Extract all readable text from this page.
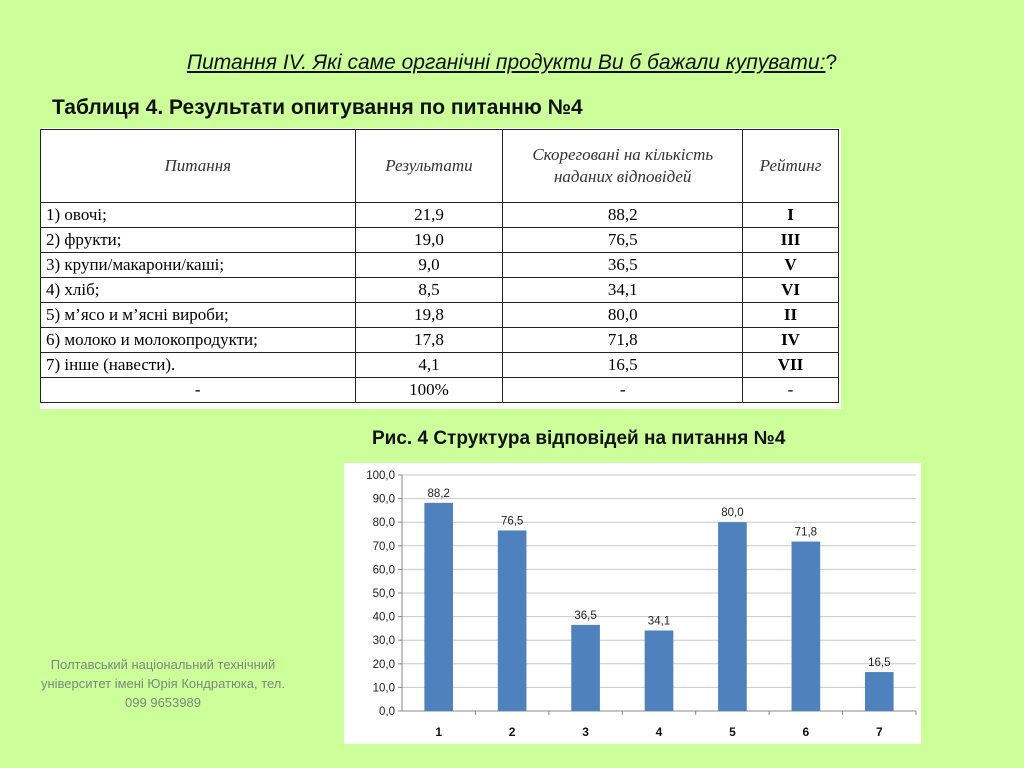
Питання IV. Які саме органічні продукти Ви б бажали купувати:?
Таблиця 4. Результати опитування по питанню №4
Питання	Результати	Скореговані на кількість наданих відповідей	Рейтинг
1) овочі;	21,9	88,2	I
2) фрукти;	19,0	76,5	III
3) крупи/макарони/каші;	9,0	36,5	V
4) хліб;	8,5	34,1	VI
5) м’ясо и м’ясні вироби;	19,8	80,0	II
6) молоко и молокопродукти;	17,8	71,8	IV
7) інше (навести).	4,1	16,5	VII
-	100%	-	-
Рис. 4 Структура відповідей на питання №4
0,0
10,0
20,0
30,0
40,0
50,0
60,0
70,0
80,0
90,0
100,0
88,2
1
76,5
2
36,5
3
34,1
4
80,0
5
71,8
6
16,5
7
Полтавський національний технічний
університет імені Юрія Кондратюка, тел.
099 9653989
